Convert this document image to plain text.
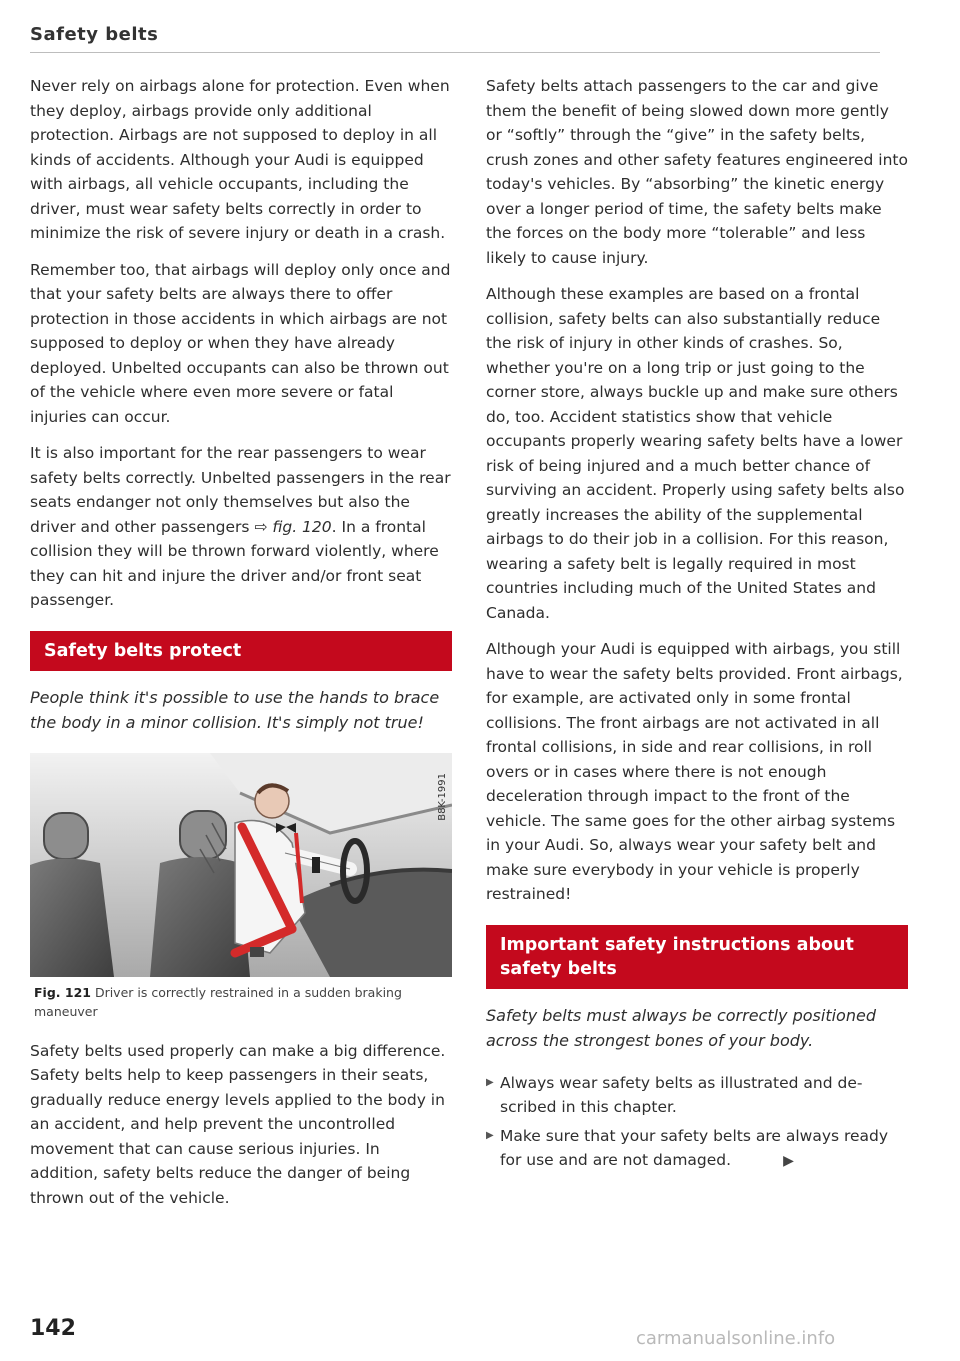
Safety belts

Never rely on airbags alone for protection. Even when they deploy, airbags provide only additional protection. Airbags are not supposed to deploy in all kinds of accidents. Although your Audi is equipped with airbags, all vehicle occupants, including the driver, must wear safety belts correctly in order to minimize the risk of severe injury or death in a crash.

Remember too, that airbags will deploy only once and that your safety belts are always there to offer protection in those accidents in which airbags are not supposed to deploy or when they have already deployed. Unbelted occupants can also be thrown out of the vehicle where even more severe or fatal injuries can occur.

It is also important for the rear passengers to wear safety belts correctly. Unbelted passengers in the rear seats endanger not only themselves but also the driver and other passengers ⇨ fig. 120. In a frontal collision they will be thrown forward violently, where they can hit and injure the driver and/or front seat passenger.

Safety belts protect

People think it's possible to use the hands to brace the body in a minor collision. It's simply not true!

B8K-1991
Fig. 121 Driver is correctly restrained in a sudden braking maneuver

Safety belts used properly can make a big difference. Safety belts help to keep passengers in their seats, gradually reduce energy levels applied to the body in an accident, and help prevent the uncontrolled movement that can cause serious injuries. In addition, safety belts reduce the danger of being thrown out of the vehicle.

Safety belts attach passengers to the car and give them the benefit of being slowed down more gently or “softly” through the “give” in the safety belts, crush zones and other safety features engineered into today's vehicles. By “absorbing” the kinetic energy over a longer period of time, the safety belts make the forces on the body more “tolerable” and less likely to cause injury.

Although these examples are based on a frontal collision, safety belts can also substantially reduce the risk of injury in other kinds of crashes. So, whether you're on a long trip or just going to the corner store, always buckle up and make sure others do, too. Accident statistics show that vehicle occupants properly wearing safety belts have a lower risk of being injured and a much better chance of surviving an accident. Properly using safety belts also greatly increases the ability of the supplemental airbags to do their job in a collision. For this reason, wearing a safety belt is legally required in most countries including much of the United States and Canada.

Although your Audi is equipped with airbags, you still have to wear the safety belts provided. Front airbags, for example, are activated only in some frontal collisions. The front airbags are not activated in all frontal collisions, in side and rear collisions, in roll overs or in cases where there is not enough deceleration through impact to the front of the vehicle. The same goes for the other airbag systems in your Audi. So, always wear your safety belt and make sure everybody in your vehicle is properly restrained!

Important safety instructions about safety belts

Safety belts must always be correctly positioned across the strongest bones of your body.

▶ Always wear safety belts as illustrated and described in this chapter.
▶ Make sure that your safety belts are always ready for use and are not damaged.	▶
142	carmanualsonline.info
